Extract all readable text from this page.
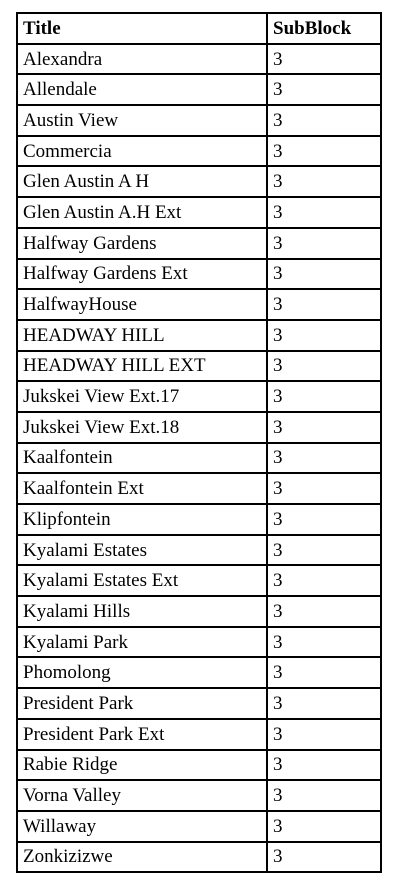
Title	SubBlock
Alexandra	3
Allendale	3
Austin View	3
Commercia	3
Glen Austin A H	3
Glen Austin A.H Ext	3
Halfway Gardens	3
Halfway Gardens Ext	3
HalfwayHouse	3
HEADWAY HILL	3
HEADWAY HILL EXT	3
Jukskei View Ext.17	3
Jukskei View Ext.18	3
Kaalfontein	3
Kaalfontein Ext	3
Klipfontein	3
Kyalami Estates	3
Kyalami Estates Ext	3
Kyalami Hills	3
Kyalami Park	3
Phomolong	3
President Park	3
President Park Ext	3
Rabie Ridge	3
Vorna Valley	3
Willaway	3
Zonkizizwe	3
